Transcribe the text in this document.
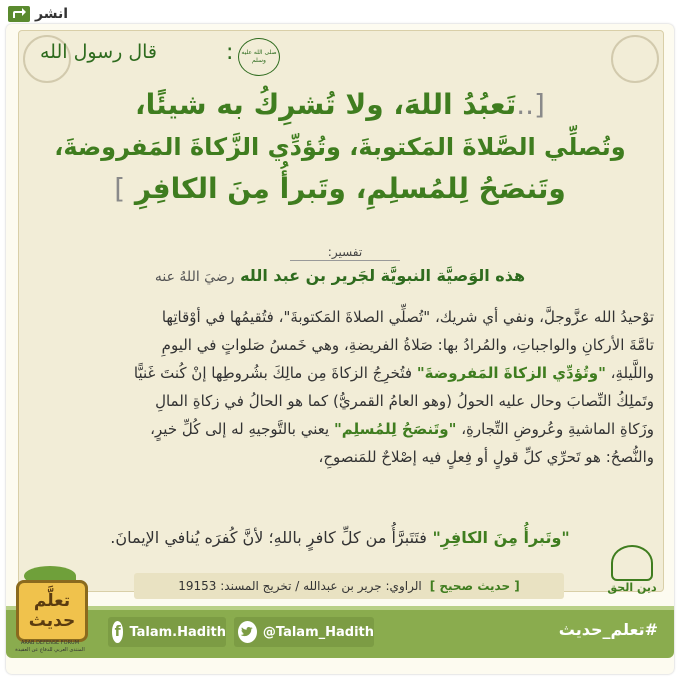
انشر
قال رسول الله	صلى الله عليه وسلم
:
[..تَعبُدُ اللهَ، ولا تُشرِكُ به شيئًا،
وتُصلِّي الصَّلاةَ المَكتوبةَ، وتُؤدِّي الزَّكاةَ المَفروضةَ،
وتَنصَحُ لِلمُسلِمِ، وتَبرأُ مِنَ الكافِرِ ]
تفسير:
هذه الوَصيَّة النبويَّة لجَرير بن عبد الله رضيَ اللهُ عنه
توْحيدُ الله عزَّوجلَّ، ونفي أي شريك، "تُصلِّي الصلاةَ المَكتوبةَ"، فتُقيمُها في أوْقاتِها
تامَّةَ الأركانِ والواجباتِ، والمُرادُ بها: صَلاةُ الفريضةِ، وهي خَمسُ صَلواتٍ في اليومِ
واللَّيلةِ، "وتُؤدِّي الزكاةَ المَفروضةَ" فتُخرِجُ الزكاةَ مِن مالِكَ بشُروطِها إنْ كُنتَ غَنيًّا
وتَملِكُ النِّصابَ وحال عليه الحولُ (وهو العامُ القمريُّ) كما هو الحالُ في زكاةِ المالِ
وزَكاةِ الماشيةِ وعُروضِ التِّجارةِ، "وتَنصَحُ لِلمُسلِم" يعني بالتَّوجيهِ له إلى كُلِّ خيرٍ،
والنُّصحُ: هو تَحرِّي كلِّ قولٍ أو فِعلٍ فيه إصْلاحٌ للمَنصوحِ،
"وتَبرأُ مِنَ الكافِرِ" فتَتَبرَّأُ من كلِّ كافرٍ باللهِ؛ لأنَّ كُفرَه يُنافي الإيمانَ.
[ حديث صحيح ]
الراوي: جرير بن عبدالله / تخريج المسند: 19153	دين الحق
f Talam.Hadith	@Talam_Hadith	#تعلم_حديث
تعلَّم
حديث
ARAB DEFENSE FORUM
المنتدى العربي للدفاع عن العقيدة
